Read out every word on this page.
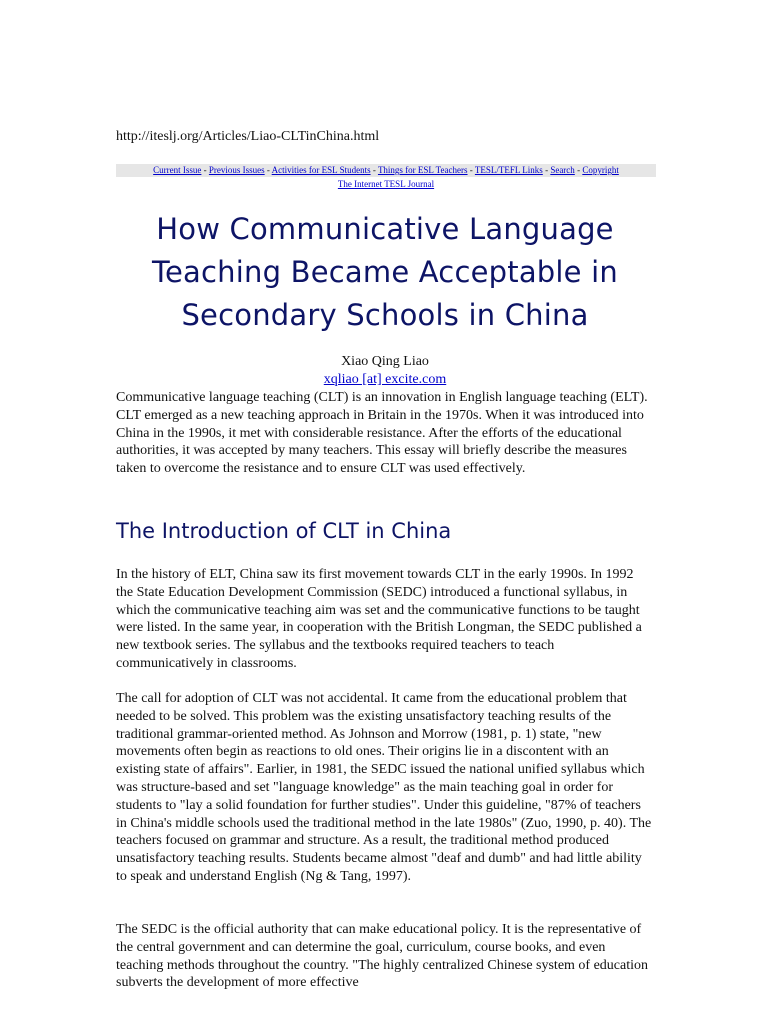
http://iteslj.org/Articles/Liao-CLTinChina.html
Current Issue - Previous Issues - Activities for ESL Students - Things for ESL Teachers - TESL/TEFL Links - Search - Copyright
The Internet TESL Journal
How Communicative Language Teaching Became Acceptable in Secondary Schools in China
Xiao Qing Liao
xqliao [at] excite.com

Communicative language teaching (CLT) is an innovation in English language teaching (ELT). CLT emerged as a new teaching approach in Britain in the 1970s. When it was introduced into China in the 1990s, it met with considerable resistance. After the efforts of the educational authorities, it was accepted by many teachers. This essay will briefly describe the measures taken to overcome the resistance and to ensure CLT was used effectively.

The Introduction of CLT in China

In the history of ELT, China saw its first movement towards CLT in the early 1990s. In 1992 the State Education Development Commission (SEDC) introduced a functional syllabus, in which the communicative teaching aim was set and the communicative functions to be taught were listed. In the same year, in cooperation with the British Longman, the SEDC published a new textbook series. The syllabus and the textbooks required teachers to teach communicatively in classrooms.

The call for adoption of CLT was not accidental. It came from the educational problem that needed to be solved. This problem was the existing unsatisfactory teaching results of the traditional grammar-oriented method. As Johnson and Morrow (1981, p. 1) state, "new movements often begin as reactions to old ones. Their origins lie in a discontent with an existing state of affairs". Earlier, in 1981, the SEDC issued the national unified syllabus which was structure-based and set "language knowledge" as the main teaching goal in order for students to "lay a solid foundation for further studies". Under this guideline, "87% of teachers in China's middle schools used the traditional method in the late 1980s" (Zuo, 1990, p. 40). The teachers focused on grammar and structure. As a result, the traditional method produced unsatisfactory teaching results. Students became almost "deaf and dumb" and had little ability to speak and understand English (Ng & Tang, 1997).

The SEDC is the official authority that can make educational policy. It is the representative of the central government and can determine the goal, curriculum, course books, and even teaching methods throughout the country. "The highly centralized Chinese system of education subverts the development of more effective
